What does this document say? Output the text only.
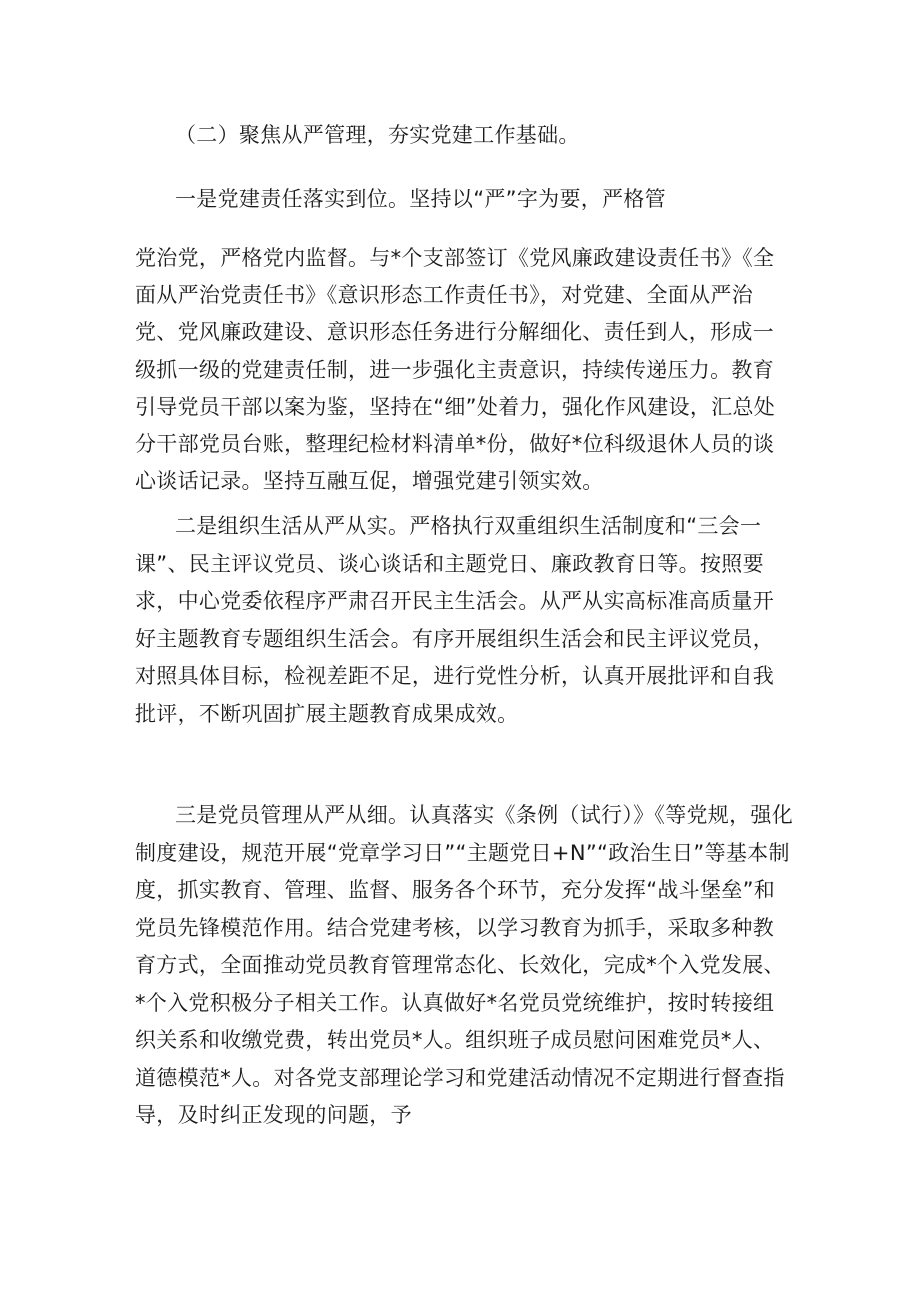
（二）聚焦从严管理，夯实党建工作基础。
一是党建责任落实到位。坚持以“严”字为要，严格管
党治党，严格党内监督。与*个支部签订《党风廉政建设责任书》《全面从严治党责任书》《意识形态工作责任书》，对党建、全面从严治党、党风廉政建设、意识形态任务进行分解细化、责任到人，形成一级抓一级的党建责任制，进一步强化主责意识，持续传递压力。教育引导党员干部以案为鉴，坚持在“细”处着力，强化作风建设，汇总处分干部党员台账，整理纪检材料清单*份，做好*位科级退休人员的谈心谈话记录。坚持互融互促，增强党建引领实效。
二是组织生活从严从实。严格执行双重组织生活制度和“三会一课”、民主评议党员、谈心谈话和主题党日、廉政教育日等。按照要求，中心党委依程序严肃召开民主生活会。从严从实高标准高质量开好主题教育专题组织生活会。有序开展组织生活会和民主评议党员，对照具体目标，检视差距不足，进行党性分析，认真开展批评和自我批评，不断巩固扩展主题教育成果成效。
三是党员管理从严从细。认真落实《条例（试行）》《等党规，强化制度建设，规范开展“党章学习日”“主题党日+N”“政治生日”等基本制度，抓实教育、管理、监督、服务各个环节，充分发挥“战斗堡垒”和党员先锋模范作用。结合党建考核，以学习教育为抓手，采取多种教育方式，全面推动党员教育管理常态化、长效化，完成*个入党发展、*个入党积极分子相关工作。认真做好*名党员党统维护，按时转接组织关系和收缴党费，转出党员*人。组织班子成员慰问困难党员*人、道德模范*人。对各党支部理论学习和党建活动情况不定期进行督查指导，及时纠正发现的问题，予
